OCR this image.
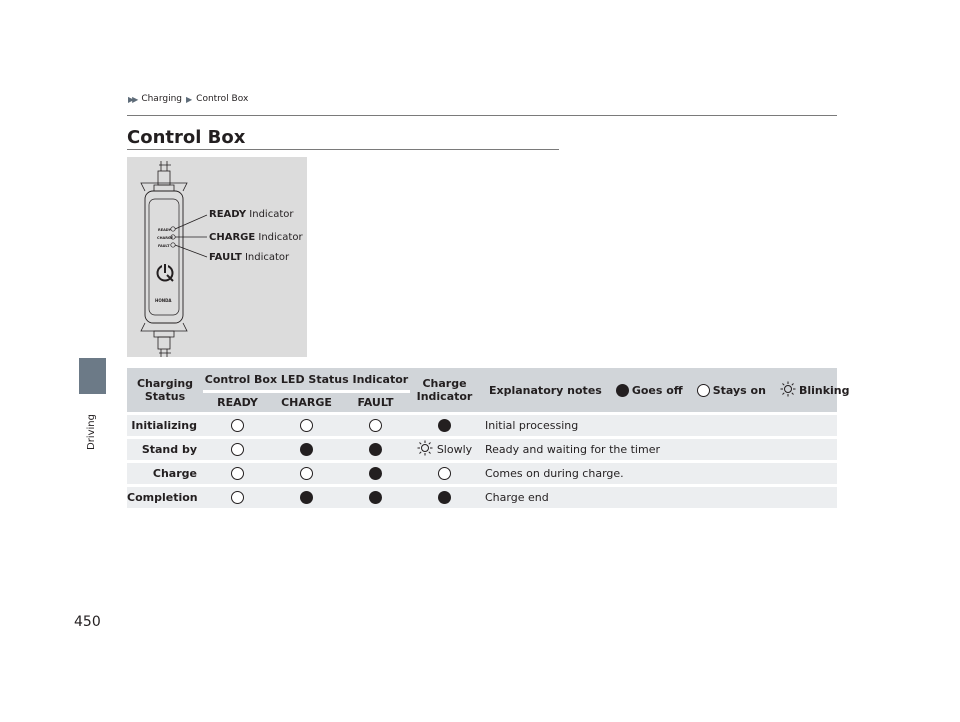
▶▶ Charging ▶ Control Box
Control Box
Driving
450
READY
CHARGE
FAULT
HONDA
READY Indicator
CHARGE Indicator
FAULT Indicator
Charging Status	Control Box LED Status Indicator			Charge Indicator	Explanatory notes Goes off Stays on Blinking

	READY	CHARGE	FAULT		
Initializing					Initial processing
Stand by				Slowly	Ready and waiting for the timer
Charge					Comes on during charge.
Completion					Charge end
